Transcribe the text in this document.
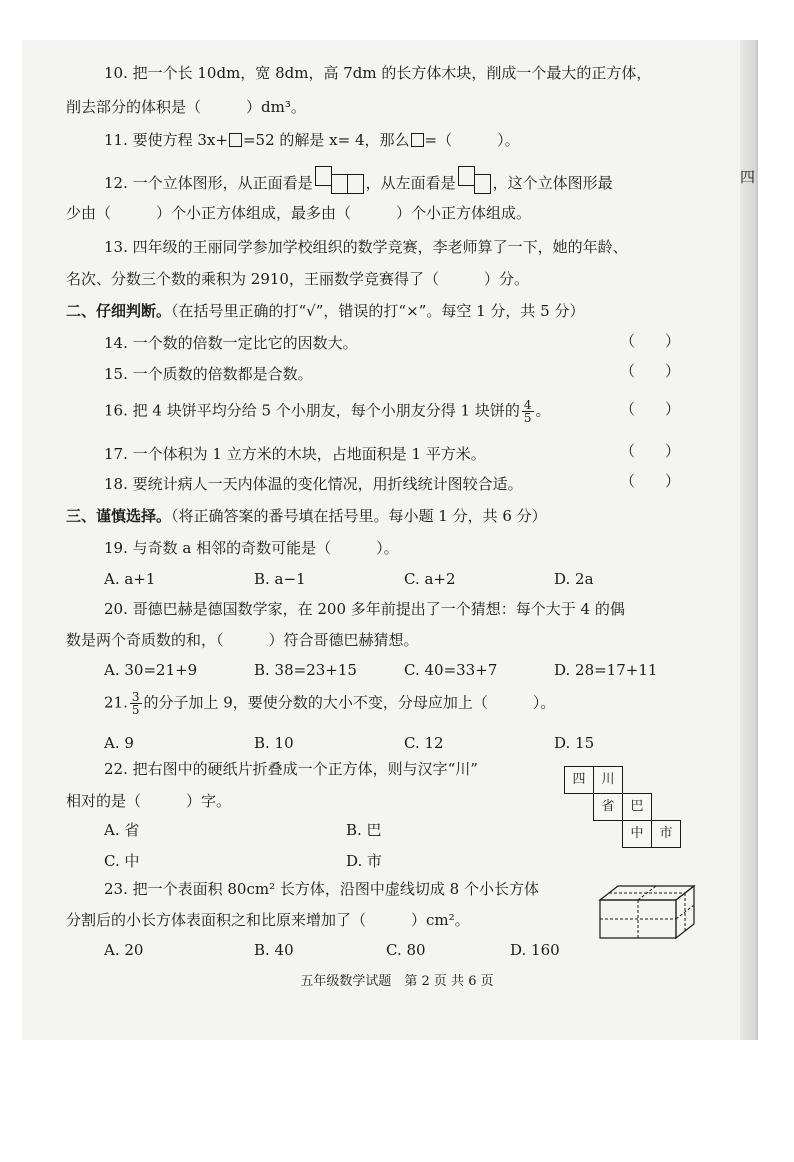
10. 把一个长 10dm，宽 8dm，高 7dm 的长方体木块，削成一个最大的正方体，
削去部分的体积是（　　　）dm³。
11. 要使方程 3x+ =52 的解是 x= 4，那么 =（　　　）。
12. 一个立体图形，从正面看是	，从左面看是 ，这个立体图形最	四
少由（　　　）个小正方体组成，最多由（　　　）个小正方体组成。
13. 四年级的王丽同学参加学校组织的数学竞赛，李老师算了一下，她的年龄、
名次、分数三个数的乘积为 2910，王丽数学竞赛得了（　　　）分。
二、仔细判断。（在括号里正确的打“√”，错误的打“×”。每空 1 分，共 5 分）
14. 一个数的倍数一定比它的因数大。	（　　）
15. 一个质数的倍数都是合数。	（　　）
16. 把 4 块饼平均分给 5 个小朋友，每个小朋友分得 1 块饼的 $\frac{4}{5}$ 。	（　　）
17. 一个体积为 1 立方米的木块，占地面积是 1 平方米。	（　　）
18. 要统计病人一天内体温的变化情况，用折线统计图较合适。	（　　）
三、谨慎选择。（将正确答案的番号填在括号里。每小题 1 分，共 6 分）
19. 与奇数 a 相邻的奇数可能是（　　　）。
A. a+1	B. a−1	C. a+2	D. 2a
20. 哥德巴赫是德国数学家，在 200 多年前提出了一个猜想：每个大于 4 的偶
数是两个奇质数的和，（　　　）符合哥德巴赫猜想。
A. 30=21+9	B. 38=23+15	C. 40=33+7	D. 28=17+11
21. $\frac{3}{5}$ 的分子加上 9，要使分数的大小不变，分母应加上（　　　）。
A. 9	B. 10	C. 12	D. 15
22. 把右图中的硬纸片折叠成一个正方体，则与汉字“川”
相对的是（　　　）字。
A. 省	B. 巴
C. 中	D. 市
四	川
省	巴
中	市
23. 把一个表面积 80cm² 长方体，沿图中虚线切成 8 个小长方体
分割后的小长方体表面积之和比原来增加了（　　　）cm²。
A. 20	B. 40	C. 80	D. 160
五年级数学试题　第 2 页 共 6 页
